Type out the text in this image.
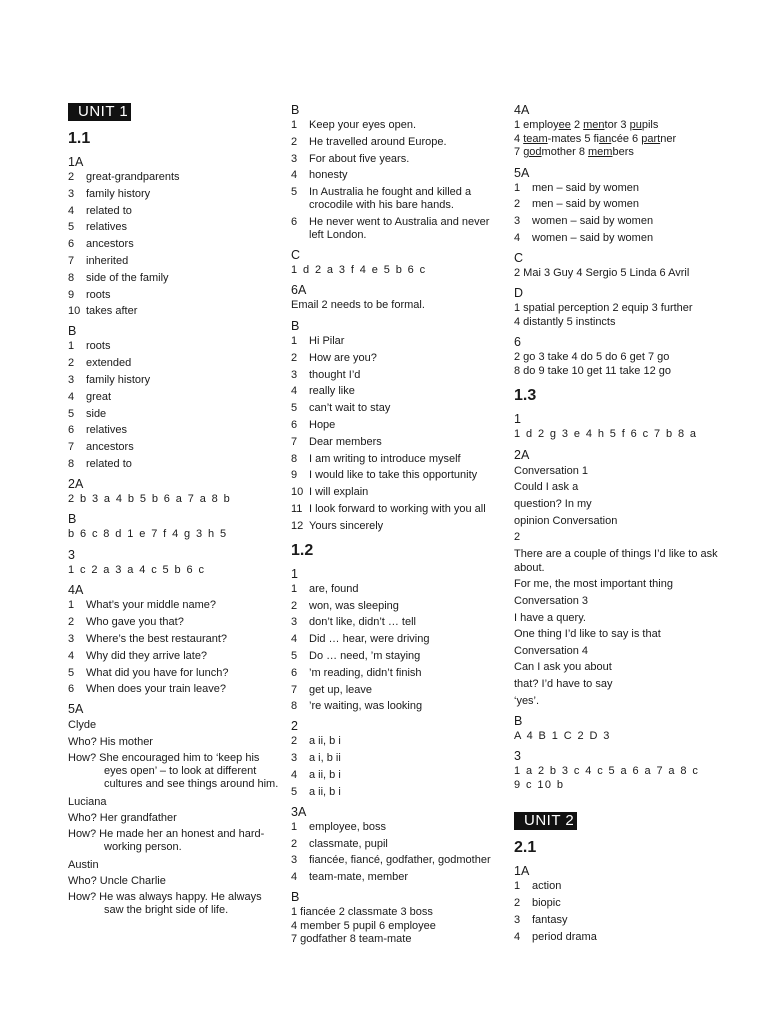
UNIT 1
1.1
1A
2	great-grandparents
3	family history
4	related to
5	relatives
6	ancestors
7	inherited
8	side of the family
9	roots
10 takes after
B
1	roots
2	extended
3	family history
4	great
5	side
6	relatives
7	ancestors
8	related to
2A
2 b 3 a 4 b 5 b 6 a 7 a 8 b
B
b 6 c 8 d 1 e 7 f 4 g 3 h 5
3
1 c 2 a 3 a 4 c 5 b 6 c
4A
1	What’s your middle name?
2	Who gave you that?
3	Where’s the best restaurant?
4	Why did they arrive late?
5	What did you have for lunch?
6	When does your train leave?
5A
Clyde
Who? His mother
How? She encouraged him to ‘keep his eyes open’ – to look at different cultures and see things around him.
Luciana
Who? Her grandfather
How? He made her an honest and hard-working person.
Austin
Who? Uncle Charlie
How? He was always happy. He always saw the bright side of life.
B
1	Keep your eyes open.
2	He travelled around Europe.
3	For about five years.
4	honesty
5	In Australia he fought and killed a crocodile with his bare hands.
6	He never went to Australia and never left London.
C
1 d 2 a 3 f 4 e 5 b 6 c
6A
Email 2 needs to be formal.
B
1	Hi Pilar
2	How are you?
3	thought I’d
4	really like
5	can’t wait to stay
6	Hope
7	Dear members
8	I am writing to introduce myself
9	I would like to take this opportunity
10 I will explain
11 I look forward to working with you all
12 Yours sincerely
1.2
1
1	are, found
2	won, was sleeping
3	don’t like, didn’t … tell
4	Did … hear, were driving
5	Do … need, ’m staying
6	’m reading, didn’t finish
7	get up, leave
8	’re waiting, was looking
2
2	a ii, b i
3	a i, b ii
4	a ii, b i
5	a ii, b i
3A
1	employee, boss
2	classmate, pupil
3	fiancée, fiancé, godfather, godmother
4	team-mate, member
B
1 fiancée 2 classmate 3 boss
4 member 5 pupil 6 employee
7 godfather 8 team-mate
4A
1 employee 2 mentor 3 pupils
4 team-mates 5 fiancée 6 partner
7 godmother 8 members
5A
1	men – said by women
2	men – said by women
3	women – said by women
4	women – said by women
C
2 Mai 3 Guy 4 Sergio 5 Linda 6 Avril
D
1 spatial perception 2 equip 3 further
4 distantly 5 instincts
6
2 go 3 take 4 do 5 do 6 get 7 go
8 do 9 take 10 get 11 take 12 go
1.3
1
1 d 2 g 3 e 4 h 5 f 6 c 7 b 8 a
2A
Conversation 1
Could I ask a
question? In my
opinion Conversation
2
There are a couple of things I’d like to ask about.
For me, the most important thing
Conversation 3
I have a query.
One thing I’d like to say is that
Conversation 4
Can I ask you about
that? I’d have to say
‘yes’.
B
A 4 B 1 C 2 D 3
3
1 a 2 b 3 c 4 c 5 a 6 a 7 a 8 c
9 c 10 b
UNIT 2
2.1
1A
1	action
2	biopic
3	fantasy
4	period drama
